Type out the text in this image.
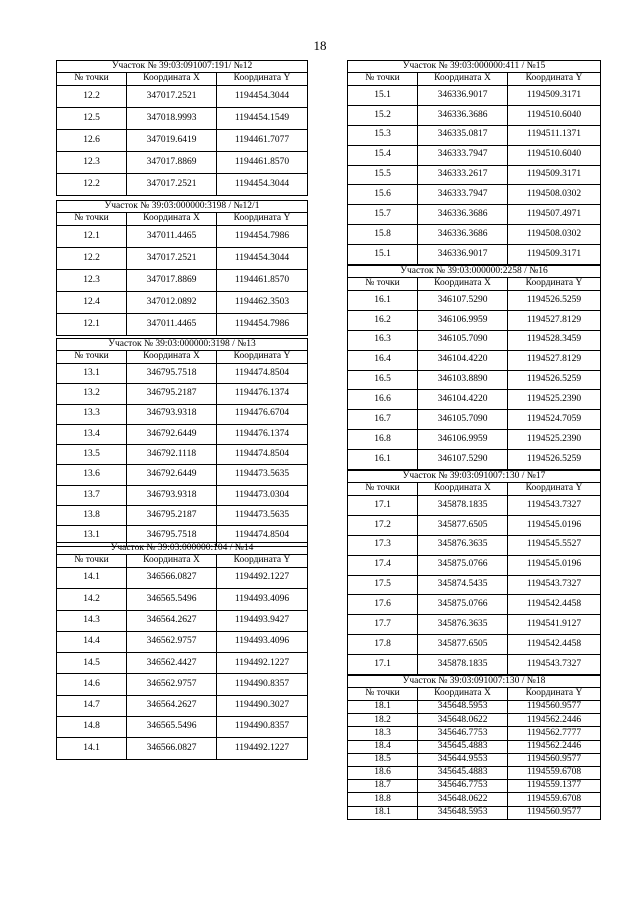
18
Участок № 39:03:091007:191/ №12		
№ точки	Координата X	Координата Y
12.2	347017.2521	1194454.3044
12.5	347018.9993	1194454.1549
12.6	347019.6419	1194461.7077
12.3	347017.8869	1194461.8570
12.2	347017.2521	1194454.3044
Участок № 39:03:000000:3198 / №12/1		
№ точки	Координата X	Координата Y
12.1	347011.4465	1194454.7986
12.2	347017.2521	1194454.3044
12.3	347017.8869	1194461.8570
12.4	347012.0892	1194462.3503
12.1	347011.4465	1194454.7986
Участок № 39:03:000000:3198 / №13		
№ точки	Координата X	Координата Y
13.1	346795.7518	1194474.8504
13.2	346795.2187	1194476.1374
13.3	346793.9318	1194476.6704
13.4	346792.6449	1194476.1374
13.5	346792.1118	1194474.8504
13.6	346792.6449	1194473.5635
13.7	346793.9318	1194473.0304
13.8	346795.2187	1194473.5635
13.1	346795.7518	1194474.8504
Участок № 39:03:000000:104 / №14		
№ точки	Координата X	Координата Y
14.1	346566.0827	1194492.1227
14.2	346565.5496	1194493.4096
14.3	346564.2627	1194493.9427
14.4	346562.9757	1194493.4096
14.5	346562.4427	1194492.1227
14.6	346562.9757	1194490.8357
14.7	346564.2627	1194490.3027
14.8	346565.5496	1194490.8357
14.1	346566.0827	1194492.1227
Участок № 39:03:000000:411 / №15		
№ точки	Координата X	Координата Y
15.1	346336.9017	1194509.3171
15.2	346336.3686	1194510.6040
15.3	346335.0817	1194511.1371
15.4	346333.7947	1194510.6040
15.5	346333.2617	1194509.3171
15.6	346333.7947	1194508.0302
15.7	346336.3686	1194507.4971
15.8	346336.3686	1194508.0302
15.1	346336.9017	1194509.3171
Участок № 39:03:000000:2258 / №16		
№ точки	Координата X	Координата Y
16.1	346107.5290	1194526.5259
16.2	346106.9959	1194527.8129
16.3	346105.7090	1194528.3459
16.4	346104.4220	1194527.8129
16.5	346103.8890	1194526.5259
16.6	346104.4220	1194525.2390
16.7	346105.7090	1194524.7059
16.8	346106.9959	1194525.2390
16.1	346107.5290	1194526.5259
Участок № 39:03:091007:130 / №17		
№ точки	Координата X	Координата Y
17.1	345878.1835	1194543.7327
17.2	345877.6505	1194545.0196
17.3	345876.3635	1194545.5527
17.4	345875.0766	1194545.0196
17.5	345874.5435	1194543.7327
17.6	345875.0766	1194542.4458
17.7	345876.3635	1194541.9127
17.8	345877.6505	1194542.4458
17.1	345878.1835	1194543.7327
Участок № 39:03:091007:130 / №18		
№ точки	Координата X	Координата Y
18.1	345648.5953	1194560.9577
18.2	345648.0622	1194562.2446
18.3	345646.7753	1194562.7777
18.4	345645.4883	1194562.2446
18.5	345644.9553	1194560.9577
18.6	345645.4883	1194559.6708
18.7	345646.7753	1194559.1377
18.8	345648.0622	1194559.6708
18.1	345648.5953	1194560.9577
